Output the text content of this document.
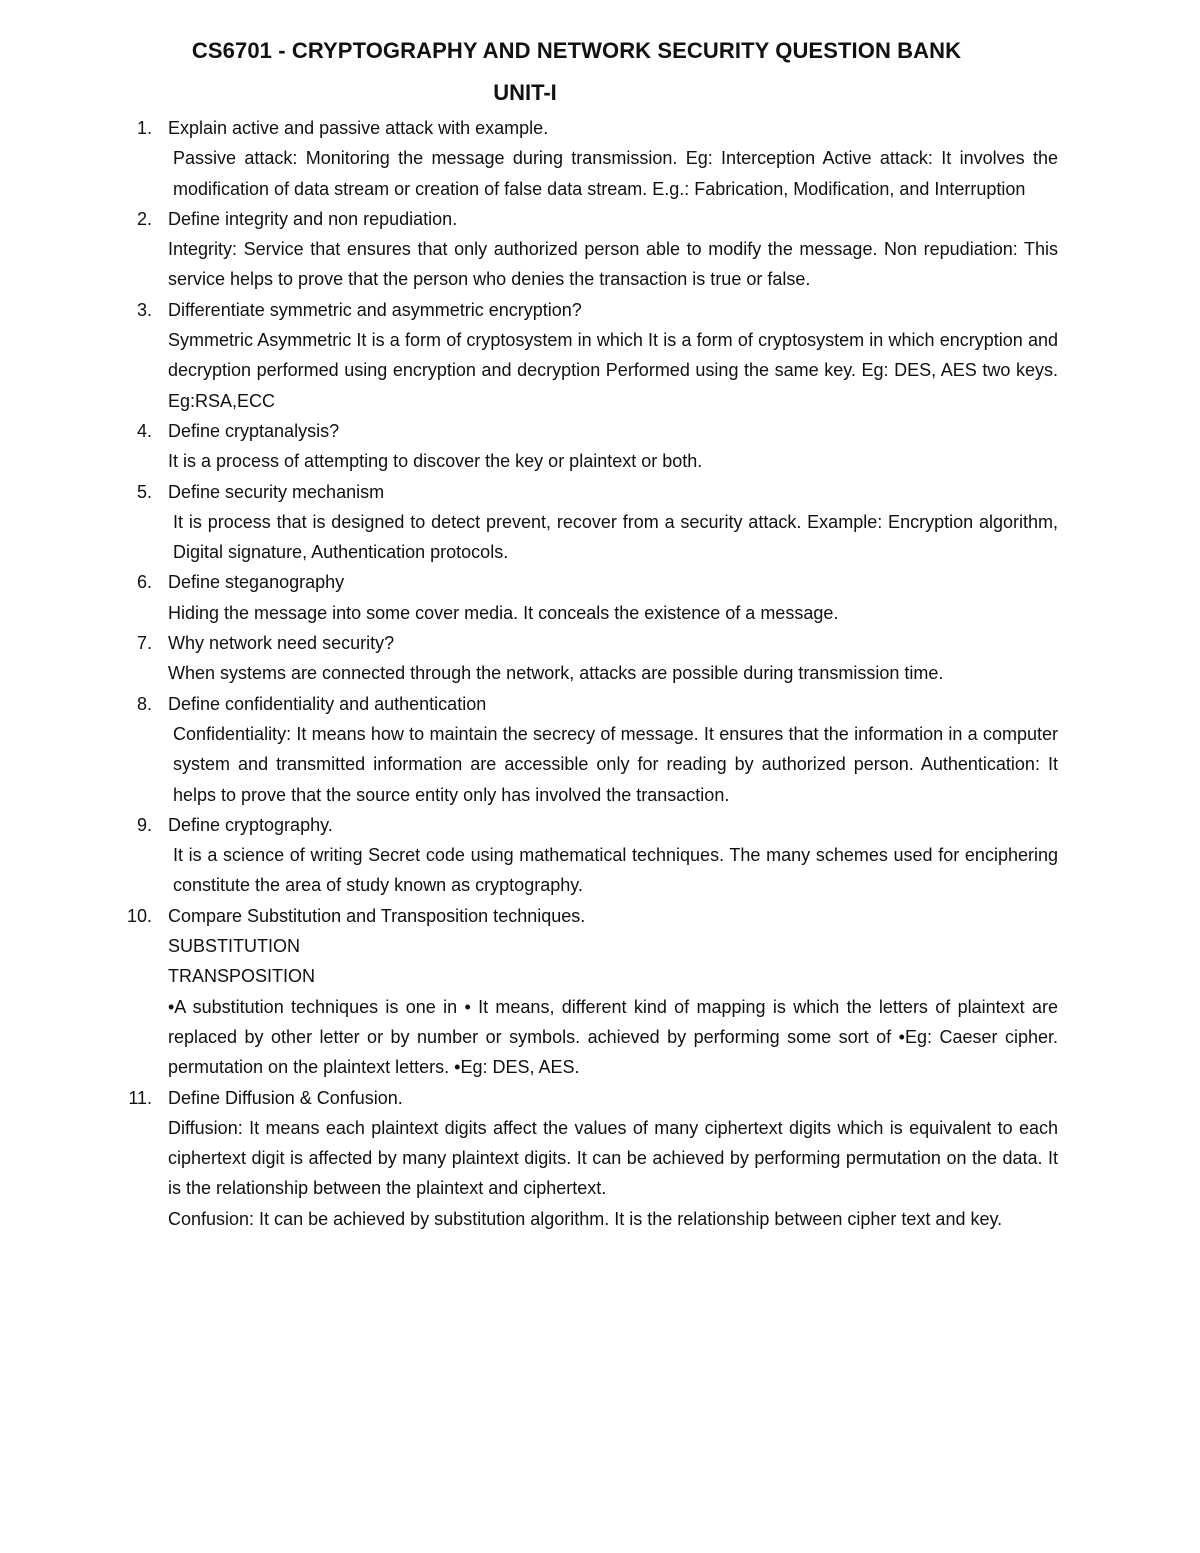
CS6701 - CRYPTOGRAPHY AND NETWORK SECURITY QUESTION BANK
UNIT-I
1. Explain active and passive attack with example.
Passive attack: Monitoring the message during transmission. Eg: Interception Active attack: It involves the modification of data stream or creation of false data stream. E.g.: Fabrication, Modification, and Interruption
2. Define integrity and non repudiation.
Integrity: Service that ensures that only authorized person able to modify the message. Non repudiation: This service helps to prove that the person who denies the transaction is true or false.
3. Differentiate symmetric and asymmetric encryption?
Symmetric Asymmetric It is a form of cryptosystem in which It is a form of cryptosystem in which encryption and decryption performed using encryption and decryption Performed using the same key. Eg: DES, AES two keys. Eg:RSA,ECC
4. Define cryptanalysis?
It is a process of attempting to discover the key or plaintext or both.
5. Define security mechanism
It is process that is designed to detect prevent, recover from a security attack. Example: Encryption algorithm, Digital signature, Authentication protocols.
6. Define steganography
Hiding the message into some cover media. It conceals the existence of a message.
7. Why network need security?
When systems are connected through the network, attacks are possible during transmission time.
8. Define confidentiality and authentication
Confidentiality: It means how to maintain the secrecy of message. It ensures that the information in a computer system and transmitted information are accessible only for reading by authorized person. Authentication: It helps to prove that the source entity only has involved the transaction.
9. Define cryptography.
It is a science of writing Secret code using mathematical techniques. The many schemes used for enciphering constitute the area of study known as cryptography.
10. Compare Substitution and Transposition techniques.
SUBSTITUTION
TRANSPOSITION
•A substitution techniques is one in • It means, different kind of mapping is which the letters of plaintext are replaced by other letter or by number or symbols. achieved by performing some sort of •Eg: Caeser cipher. permutation on the plaintext letters. •Eg: DES, AES.
11. Define Diffusion & Confusion.
Diffusion: It means each plaintext digits affect the values of many ciphertext digits which is equivalent to each ciphertext digit is affected by many plaintext digits. It can be achieved by performing permutation on the data. It is the relationship between the plaintext and ciphertext.
Confusion: It can be achieved by substitution algorithm. It is the relationship between cipher text and key.
